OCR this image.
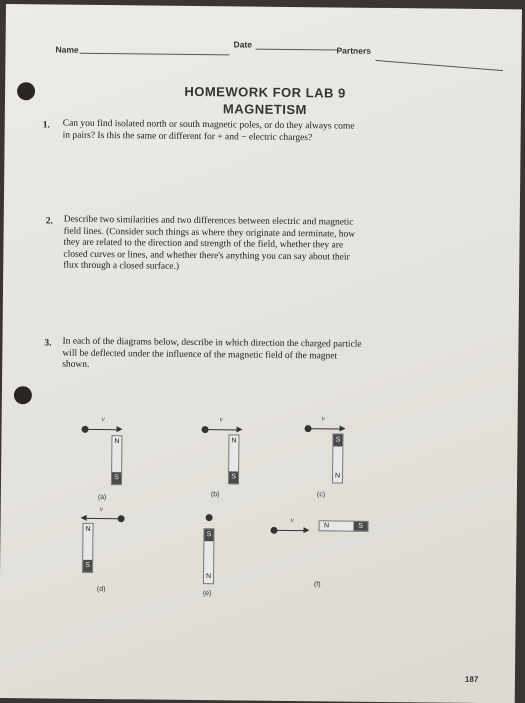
Name
Date
Partners
HOMEWORK FOR LAB 9
MAGNETISM
1. Can you find isolated north or south magnetic poles, or do they always come
in pairs? Is this the same or different for + and − electric charges?
2. Describe two similarities and two differences between electric and magnetic
field lines. (Consider such things as where they originate and terminate, how
they are related to the direction and strength of the field, whether they are
closed curves or lines, and whether there's anything you can say about their
flux through a closed surface.)
3. In each of the diagrams below, describe in which direction the charged particle
will be deflected under the influence of the magnetic field of the magnet
shown.
v
N
S
(a)
v
N
S
(b)
v
S
N
(c)
v
N
S
(d)
S
N
(e)
v
N	S
(f)
187
